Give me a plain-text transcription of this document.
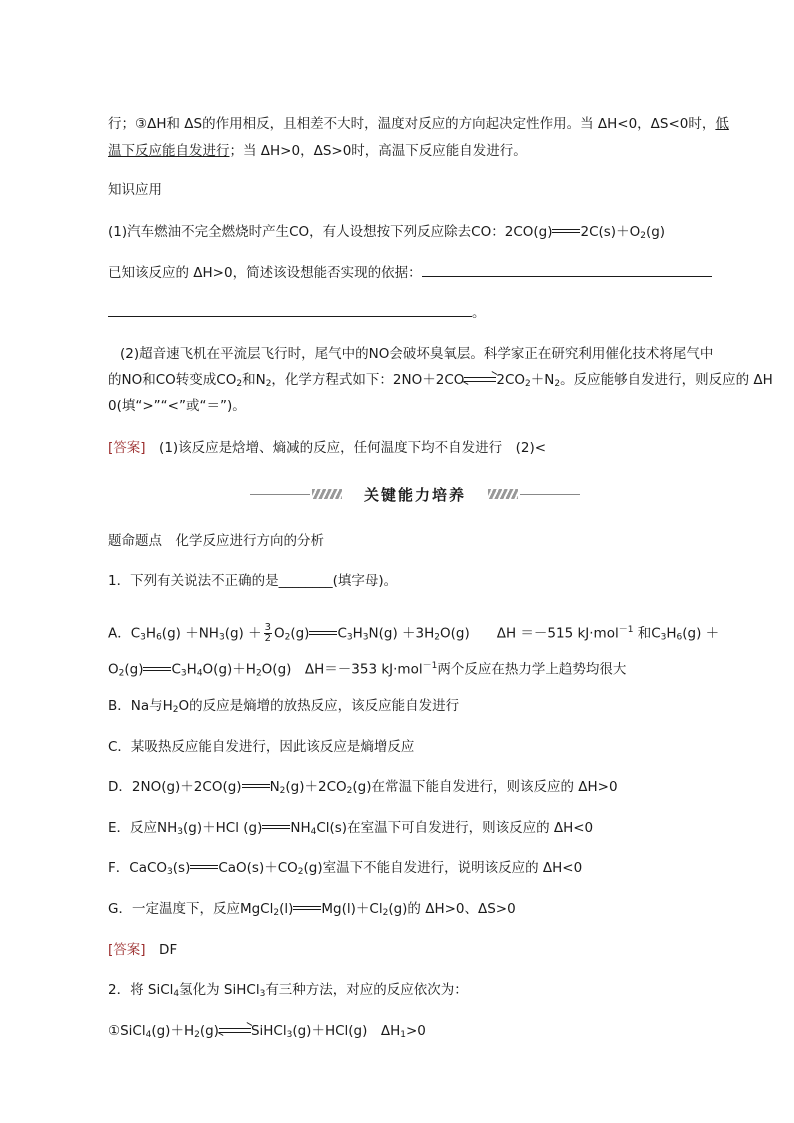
行；③ΔH和 ΔS的作用相反，且相差不大时，温度对反应的方向起决定性作用。当 ΔH<0，ΔS<0时，低
温下反应能自发进行；当 ΔH>0，ΔS>0时，高温下反应能自发进行。
知识应用
(1)汽车燃油不完全燃烧时产生CO，有人设想按下列反应除去CO：2CO(g) $2C(s)+O_2(g)$
已知该反应的 ΔH>0，简述该设想能否实现的依据：
。
(2)超音速飞机在平流层飞行时，尾气中的NO会破坏臭氧层。科学家正在研究利用催化技术将尾气中
的NO和CO转变成$CO_2$和$N_2$，化学方程式如下：2NO＋2CO $2CO_2+N_2$。反应能够自发进行，则反应的 ΔH
0(填“>”“<”或“＝”)。
[答案]　 (1)该反应是焓增、熵减的反应，任何温度下均不自发进行　(2)<
关键能力培养
题命题点　 化学反应进行方向的分析
1．下列有关说法不正确的是________(填字母)。
A．$C_3H_6(g) +NH_3(g) + \frac{3}{2} O_2(g)$ $C_3H_3N(g) +3H_2O(g)$　　ΔH ＝－515 kJ·mol$^{-1}$ 和$C_3H_6(g)$ ＋
$O_2(g)$ $C_3H_4O(g)+H_2O(g)$　ΔH＝－353 kJ·mol$^{-1}$两个反应在热力学上趋势均很大
B．Na与$H_2O$的反应是熵增的放热反应，该反应能自发进行
C．某吸热反应能自发进行，因此该反应是熵增反应
D．2NO(g)＋2CO(g) $N_2(g)+2CO_2(g)$在常温下能自发进行，则该反应的 ΔH>0
E．反应$NH_3(g)+HCl$ (g) $NH_4Cl(s)$在室温下可自发进行，则该反应的 ΔH<0
F．CaCO$_3$(s) $CaO(s)+CO_2(g)$室温下不能自发进行，说明该反应的 ΔH<0
G．一定温度下，反应MgCl$_2$(l) $Mg(l)+Cl_2(g)$的 ΔH>0、ΔS>0
[答案]　 DF
2．将 SiCl$_4$氢化为 SiHCl$_3$有三种方法，对应的反应依次为：
$①SiCl_4(g)+H_2(g)$ SiHCl$_3$(g)＋HCl(g)　$\Delta H_1>0$
